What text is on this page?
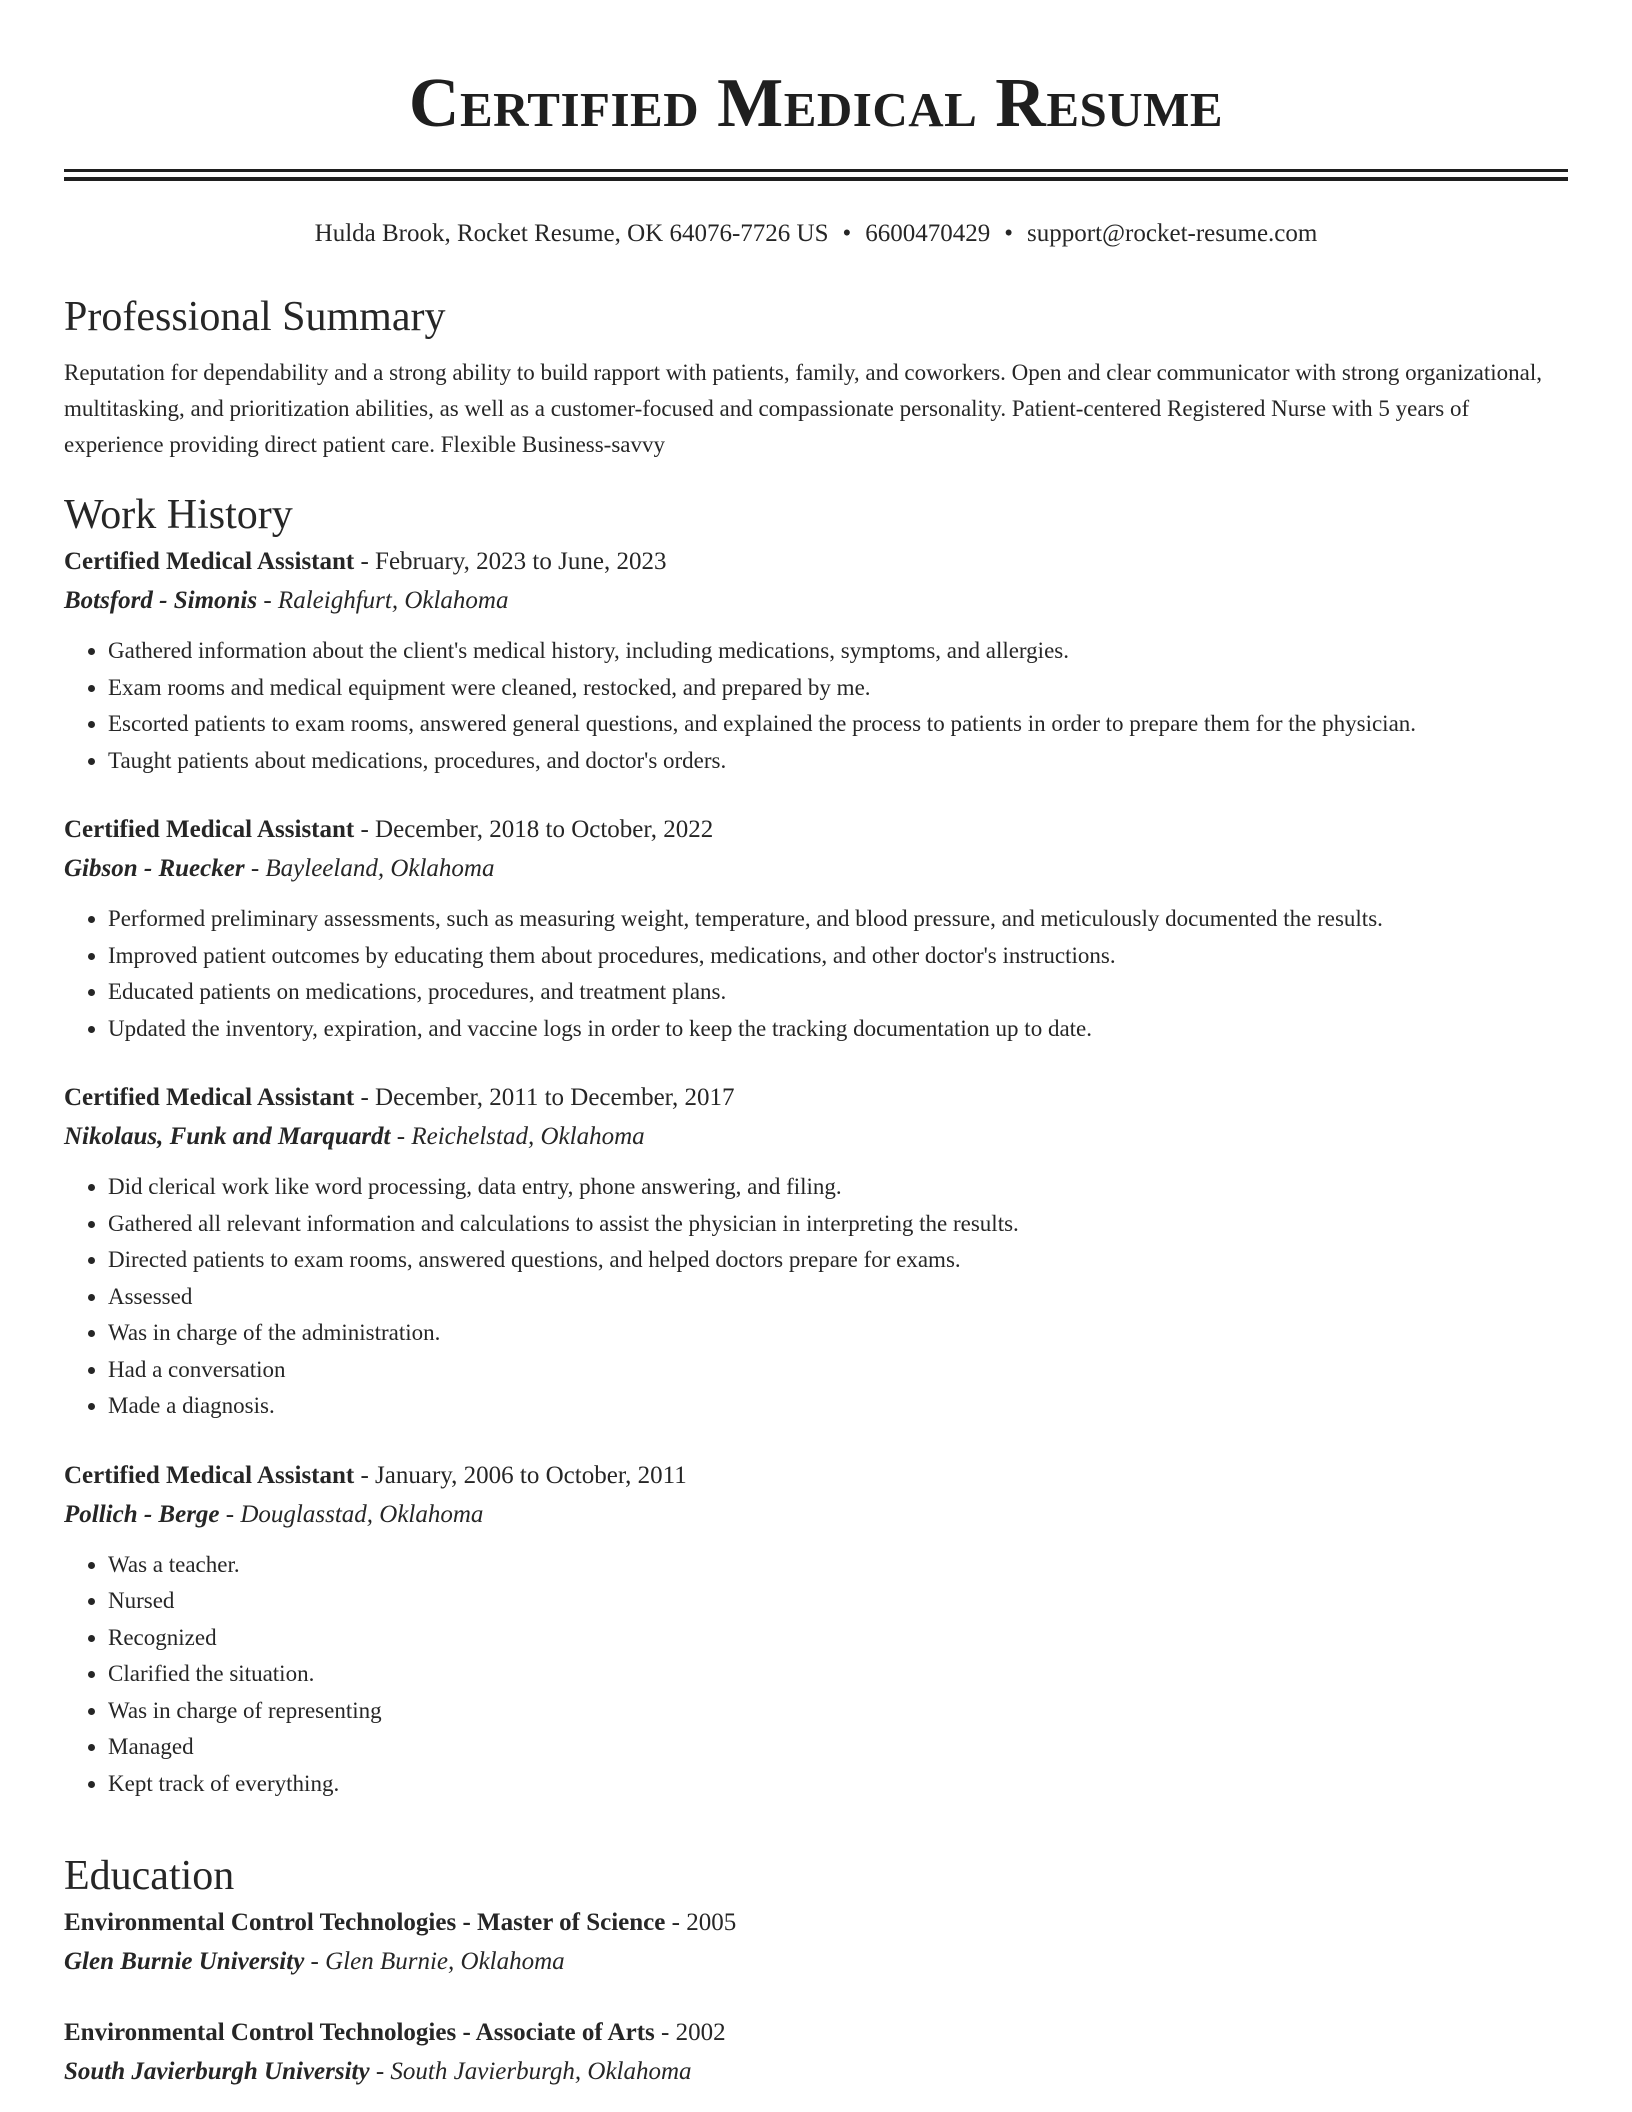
Certified Medical Resume
Hulda Brook, Rocket Resume, OK 64076-7726 US • 6600470429 • support@rocket-resume.com
Professional Summary

Reputation for dependability and a strong ability to build rapport with patients, family, and coworkers. Open and clear communicator with strong organizational, multitasking, and prioritization abilities, as well as a customer-focused and compassionate personality. Patient-centered Registered Nurse with 5 years of experience providing direct patient care. Flexible Business-savvy

Work History
Certified Medical Assistant - February, 2023 to June, 2023
Botsford - Simonis - Raleighfurt, Oklahoma
• Gathered information about the client's medical history, including medications, symptoms, and allergies.
• Exam rooms and medical equipment were cleaned, restocked, and prepared by me.
• Escorted patients to exam rooms, answered general questions, and explained the process to patients in order to prepare them for the physician.
• Taught patients about medications, procedures, and doctor's orders.
Certified Medical Assistant - December, 2018 to October, 2022
Gibson - Ruecker - Bayleeland, Oklahoma
• Performed preliminary assessments, such as measuring weight, temperature, and blood pressure, and meticulously documented the results.
• Improved patient outcomes by educating them about procedures, medications, and other doctor's instructions.
• Educated patients on medications, procedures, and treatment plans.
• Updated the inventory, expiration, and vaccine logs in order to keep the tracking documentation up to date.
Certified Medical Assistant - December, 2011 to December, 2017
Nikolaus, Funk and Marquardt - Reichelstad, Oklahoma
• Did clerical work like word processing, data entry, phone answering, and filing.
• Gathered all relevant information and calculations to assist the physician in interpreting the results.
• Directed patients to exam rooms, answered questions, and helped doctors prepare for exams.
• Assessed
• Was in charge of the administration.
• Had a conversation
• Made a diagnosis.
Certified Medical Assistant - January, 2006 to October, 2011
Pollich - Berge - Douglasstad, Oklahoma
• Was a teacher.
• Nursed
• Recognized
• Clarified the situation.
• Was in charge of representing
• Managed
• Kept track of everything.
Education
Environmental Control Technologies - Master of Science - 2005
Glen Burnie University - Glen Burnie, Oklahoma
Environmental Control Technologies - Associate of Arts - 2002
South Javierburgh University - South Javierburgh, Oklahoma
